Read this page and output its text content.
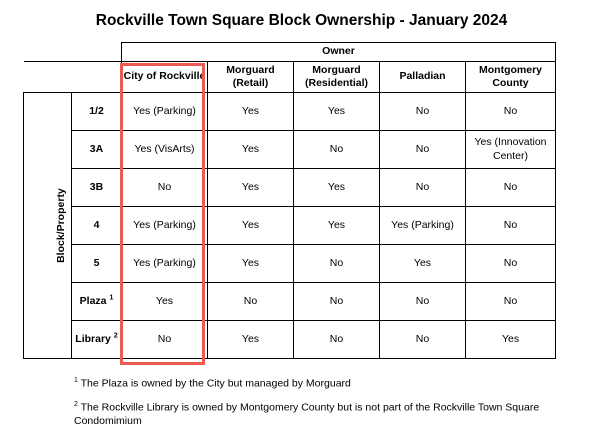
Rockville Town Square Block Ownership - January 2024
		Owner				
		City of Rockville	Morguard (Retail)	Morguard (Residential)	Palladian	Montgomery County
Block/Property	1/2	Yes (Parking)	Yes	Yes	No	No
	3A	Yes (VisArts)	Yes	No	No	Yes (Innovation Center)
	3B	No	Yes	Yes	No	No
	4	Yes (Parking)	Yes	Yes	Yes (Parking)	No
	5	Yes (Parking)	Yes	No	Yes	No
	Plaza $^1$	Yes	No	No	No	No
	Library $^2$	No	Yes	No	No	Yes

$^1$ The Plaza is owned by the City but managed by Morguard

$^2$ The Rockville Library is owned by Montgomery County but is not part of the Rockville Town Square Condomimium
